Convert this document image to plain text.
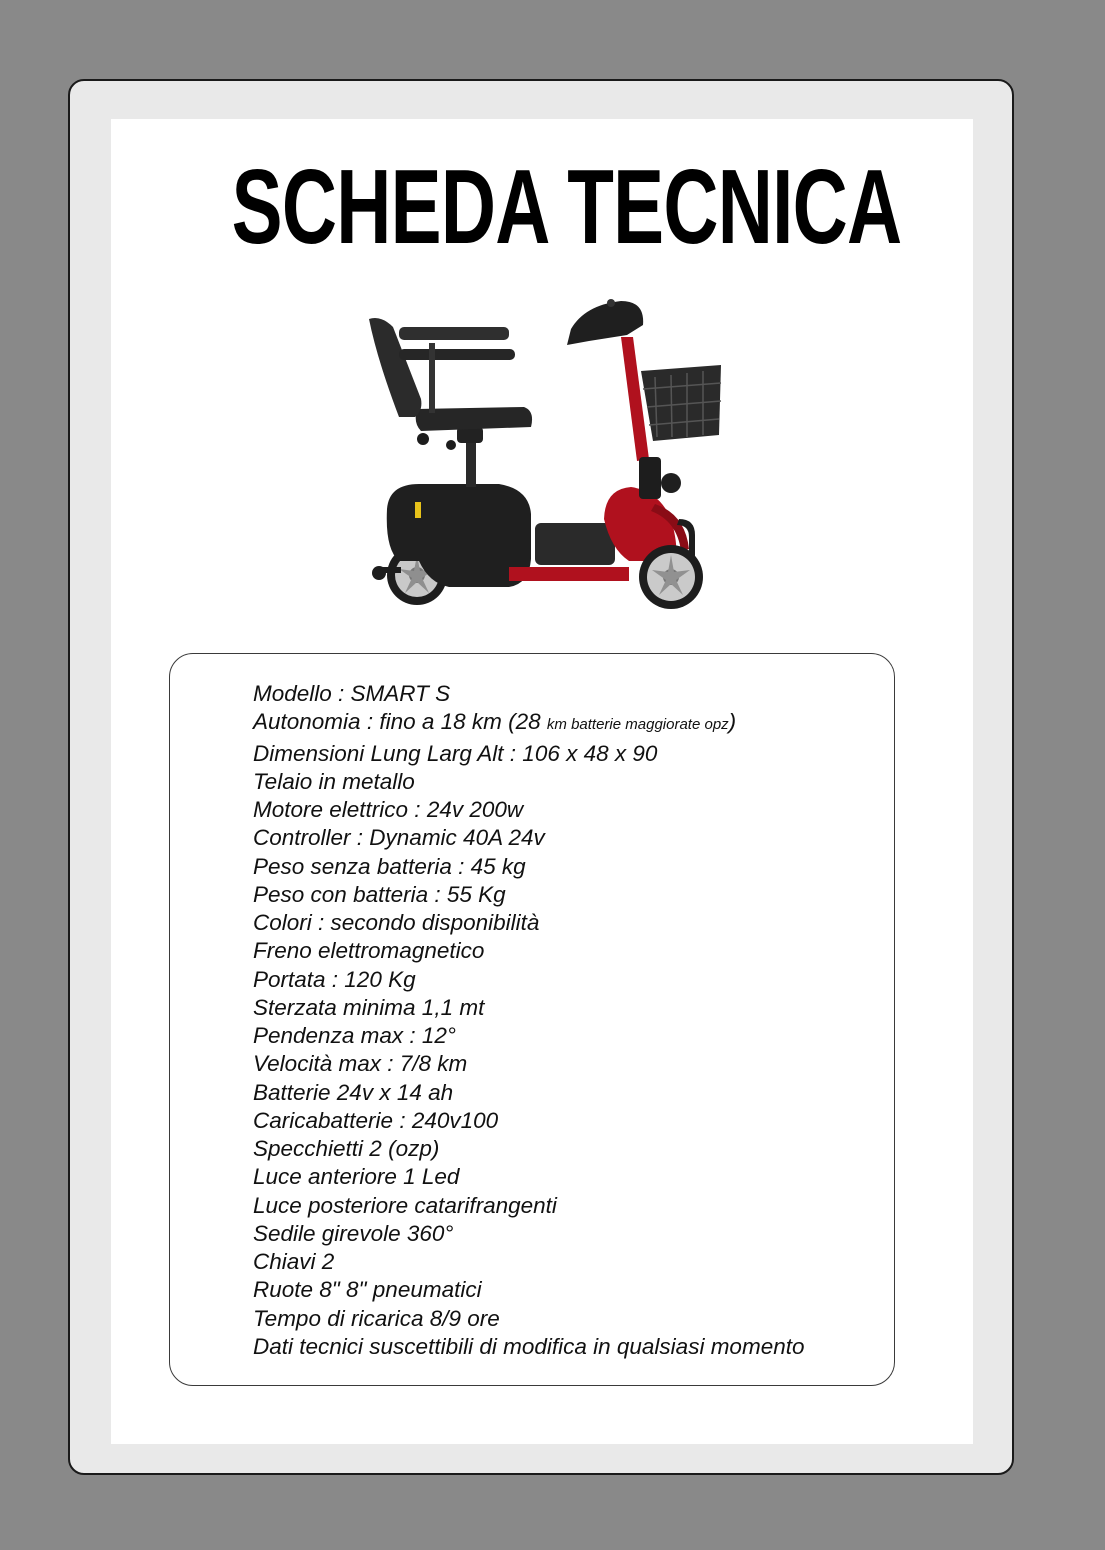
SCHEDA TECNICA
Modello : SMART S
Autonomia : fino a 18 km (28 km batterie maggiorate opz)
Dimensioni Lung Larg Alt : 106 x 48 x 90
Telaio in metallo
Motore elettrico : 24v 200w
Controller : Dynamic 40A 24v
Peso senza batteria : 45 kg
Peso con batteria : 55 Kg
Colori : secondo disponibilità
Freno elettromagnetico
Portata : 120 Kg
Sterzata minima 1,1 mt
Pendenza max : 12°
Velocità max : 7/8 km
Batterie 24v x 14 ah
Caricabatterie : 240v100
Specchietti 2 (ozp)
Luce anteriore 1 Led
Luce posteriore catarifrangenti
Sedile girevole 360°
Chiavi 2
Ruote 8" 8" pneumatici
Tempo di ricarica 8/9 ore
Dati tecnici suscettibili di modifica in qualsiasi momento
